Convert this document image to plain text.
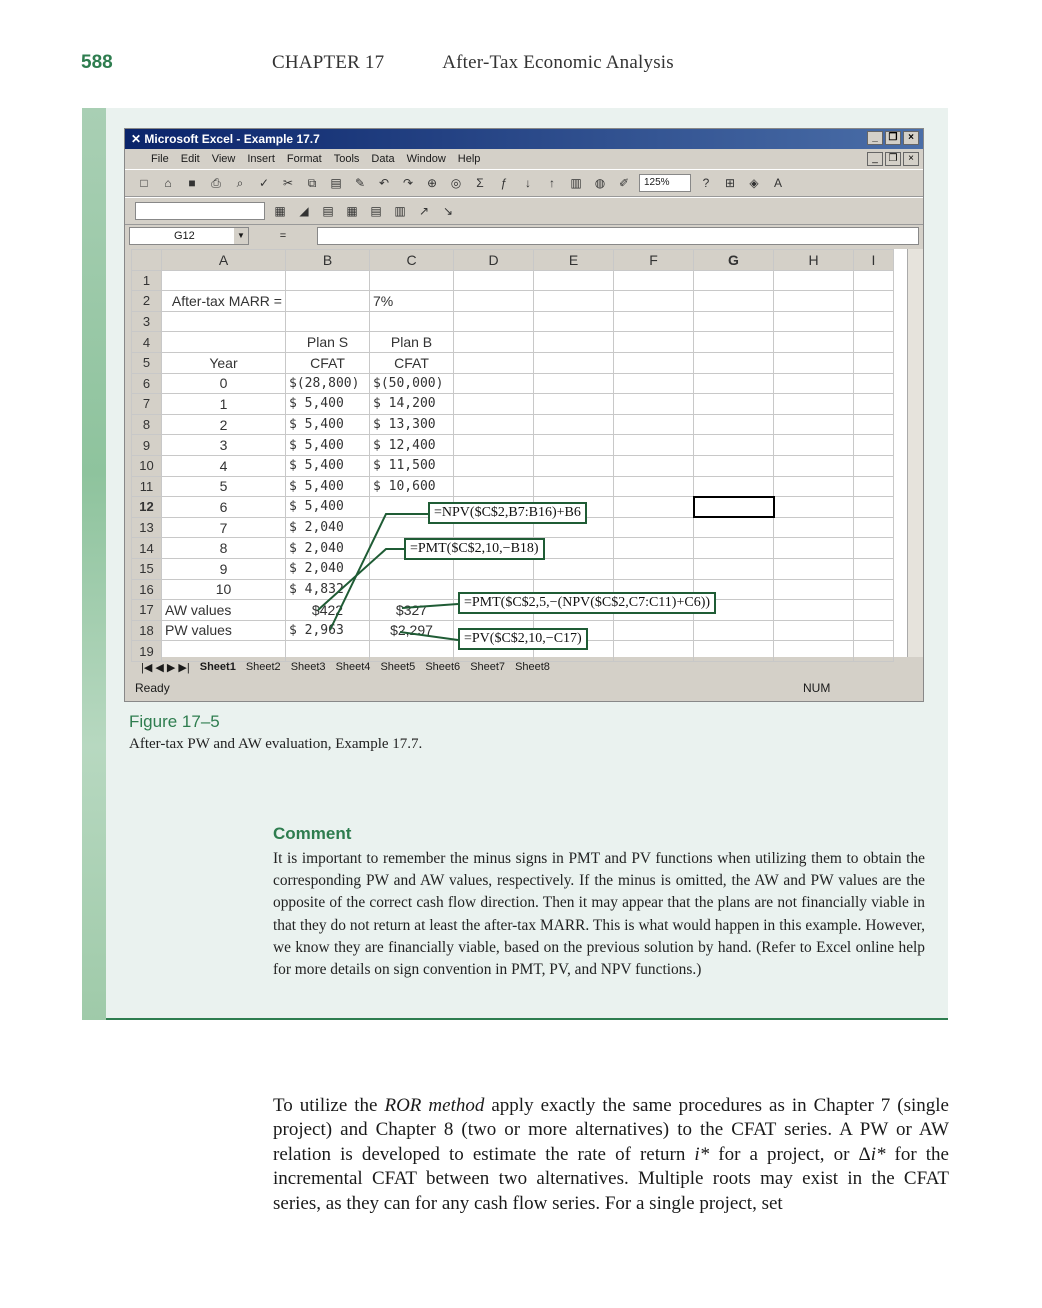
588	CHAPTER 17	After-Tax Economic Analysis
✕ Microsoft Excel - Example 17.7	_	❐	×
File Edit View Insert Format Tools Data Window Help	_	❐	×
□	⌂	■	⎙	⌕	✓	✂	⧉	▤	✎	↶	↷	⊕	◎	Σ	ƒ	↓	↑	▥	◍	✐	125%	?	⊞	◈	A
▦	◢	▤ ▦ ▤ ▥	↗	↘
G12	▼	=
	A	B	C	D	E	F	G	H	I
1									
2	After-tax MARR =		7%						
3									
4		Plan S	Plan B						
5	Year	CFAT	CFAT						
6	0	$(28,800)	$(50,000)						
7	1	$ 5,400	$ 14,200						
8	2	$ 5,400	$ 13,300						
9	3	$ 5,400	$ 12,400						
10	4	$ 5,400	$ 11,500						
11	5	$ 5,400	$ 10,600						
12	6	$ 5,400							
13	7	$ 2,040							
14	8	$ 2,040							
15	9	$ 2,040							
16	10	$ 4,832							
17	AW values	$422	$327						
18	PW values	$ 2,963	$2,297						
19									
|◀ ◀ ▶ ▶| Sheet1 Sheet2 Sheet3 Sheet4 Sheet5 Sheet6 Sheet7 Sheet8
Ready	NUM
=NPV($C$2,B7:B16)+B6
=PMT($C$2,10,−B18)
=PMT($C$2,5,−(NPV($C$2,C7:C11)+C6))
=PV($C$2,10,−C17)
Figure 17–5
After-tax PW and AW evaluation, Example 17.7.
Comment
It is important to remember the minus signs in PMT and PV functions when utilizing them to obtain the corresponding PW and AW values, respectively. If the minus is omitted, the AW and PW values are the opposite of the correct cash flow direction. Then it may appear that the plans are not financially viable in that they do not return at least the after-tax MARR. This is what would happen in this example. However, we know they are financially viable, based on the previous solution by hand. (Refer to Excel online help for more details on sign convention in PMT, PV, and NPV functions.)
To utilize the ROR method apply exactly the same procedures as in Chapter 7 (single project) and Chapter 8 (two or more alternatives) to the CFAT series. A PW or AW relation is developed to estimate the rate of return i* for a project, or Δi* for the incremental CFAT between two alternatives. Multiple roots may exist in the CFAT series, as they can for any cash flow series. For a single project, set
